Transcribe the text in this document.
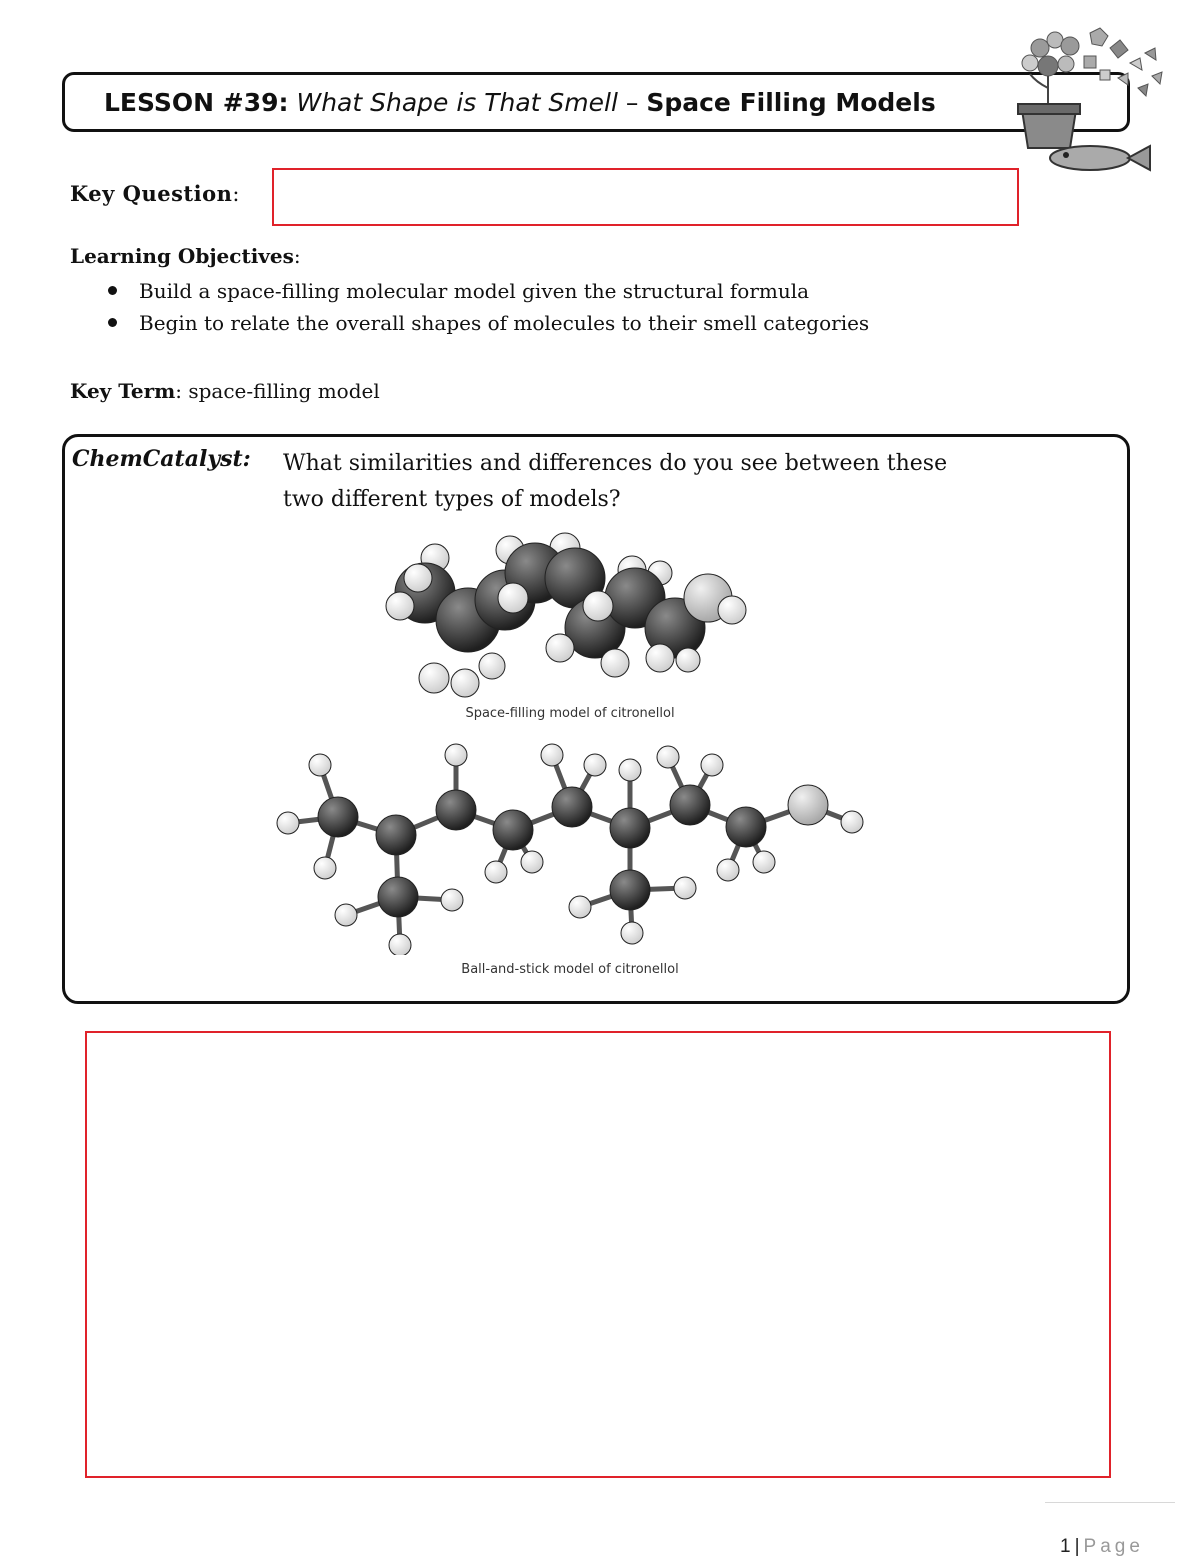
LESSON #39: What Shape is That Smell – Space Filling Models
Key Question:
Learning Objectives:
Build a space-filling molecular model given the structural formula
Begin to relate the overall shapes of molecules to their smell categories
Key Term: space-filling model
ChemCatalyst: What similarities and differences do you see between these
two different types of models?
Space-filling model of citronellol
Ball-and-stick model of citronellol
1 | Page
